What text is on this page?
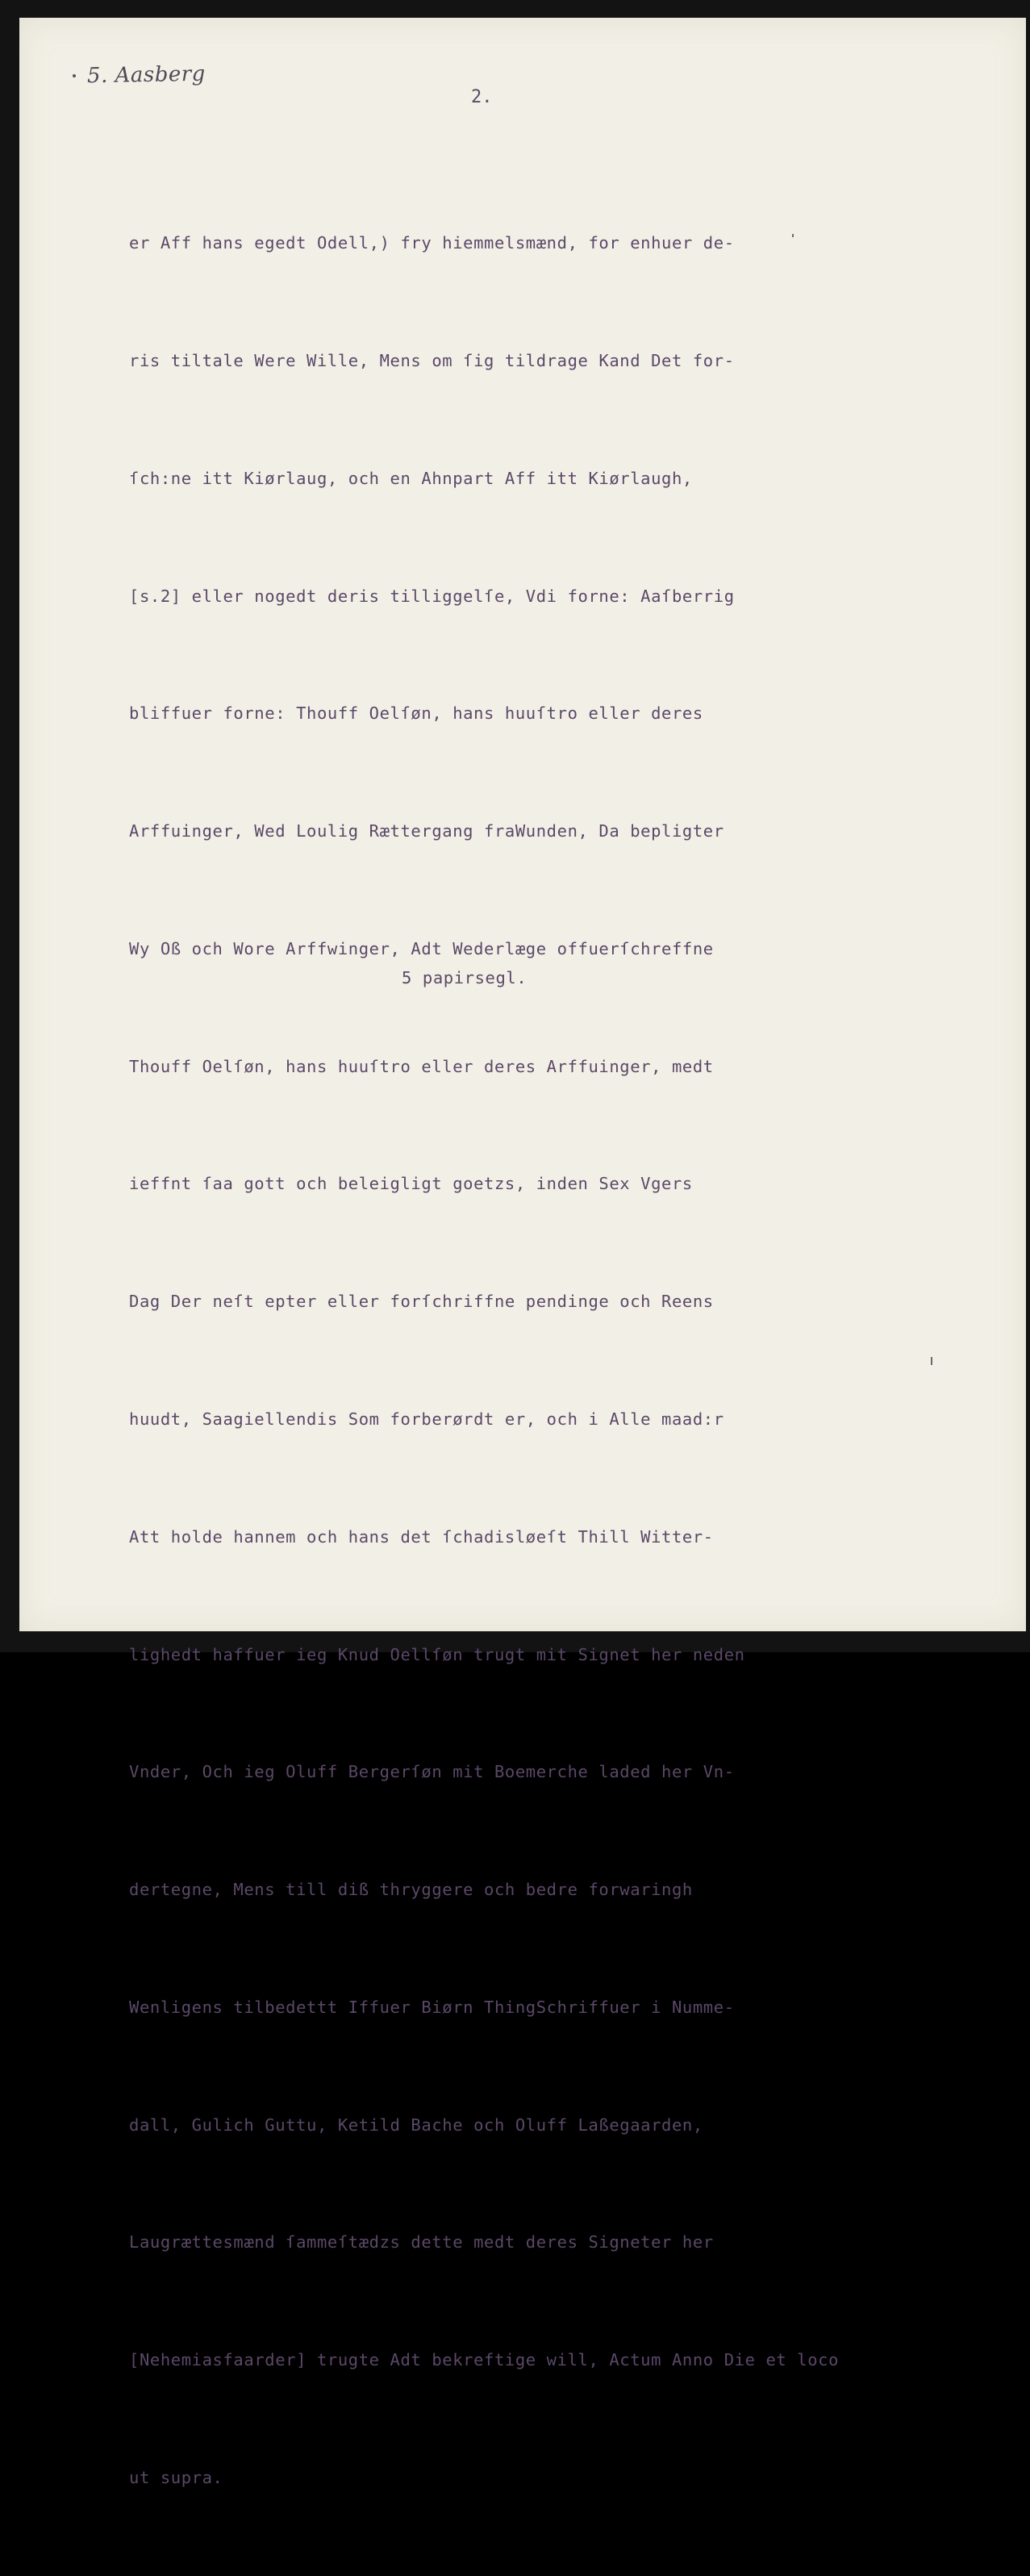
5. Aasberg
2.

er Aff hans egedt Odell,) fry hiemmelsmænd, for enhuer de-

ris tiltale Were Wille, Mens om ſig tildrage Kand Det for-

ſch:ne itt Kiørlaug, och en Ahnpart Aff itt Kiørlaugh,

[s.2] eller nogedt deris tilliggelſe, Vdi forne: Aaſberrig

bliffuer forne: Thouff Oelſøn, hans huuſtro eller deres

Arffuinger, Wed Loulig Rættergang fraWunden, Da bepligter

Wy Oß och Wore Arffwinger, Adt Wederlæge offuerſchreffne

Thouff Oelſøn, hans huuſtro eller deres Arffuinger, medt

ieffnt ſaa gott och beleigligt goetzs, inden Sex Vgers

Dag Der neſt epter eller forſchriffne pendinge och Reens

huudt, Saagiellendis Som forberørdt er, och i Alle maad:r

Att holde hannem och hans det ſchadisløeſt Thill Witter-

lighedt haffuer ieg Knud Oellſøn trugt mit Signet her neden

Vnder, Och ieg Oluff Bergerſøn mit Boemerche laded her Vn-

dertegne, Mens till diß thryggere och bedre forwaringh

Wenligens tilbedettt Iffuer Biørn ThingSchriffuer i Numme-

dall, Gulich Guttu, Ketild Bache och Oluff Laßegaarden,

Laugrættesmænd ſammeſtædzs dette medt deres Signeter her

[Nehemiasfaarder] trugte Adt bekreftige will, Actum Anno Die et loco

ut supra.

5 papirsegl.
